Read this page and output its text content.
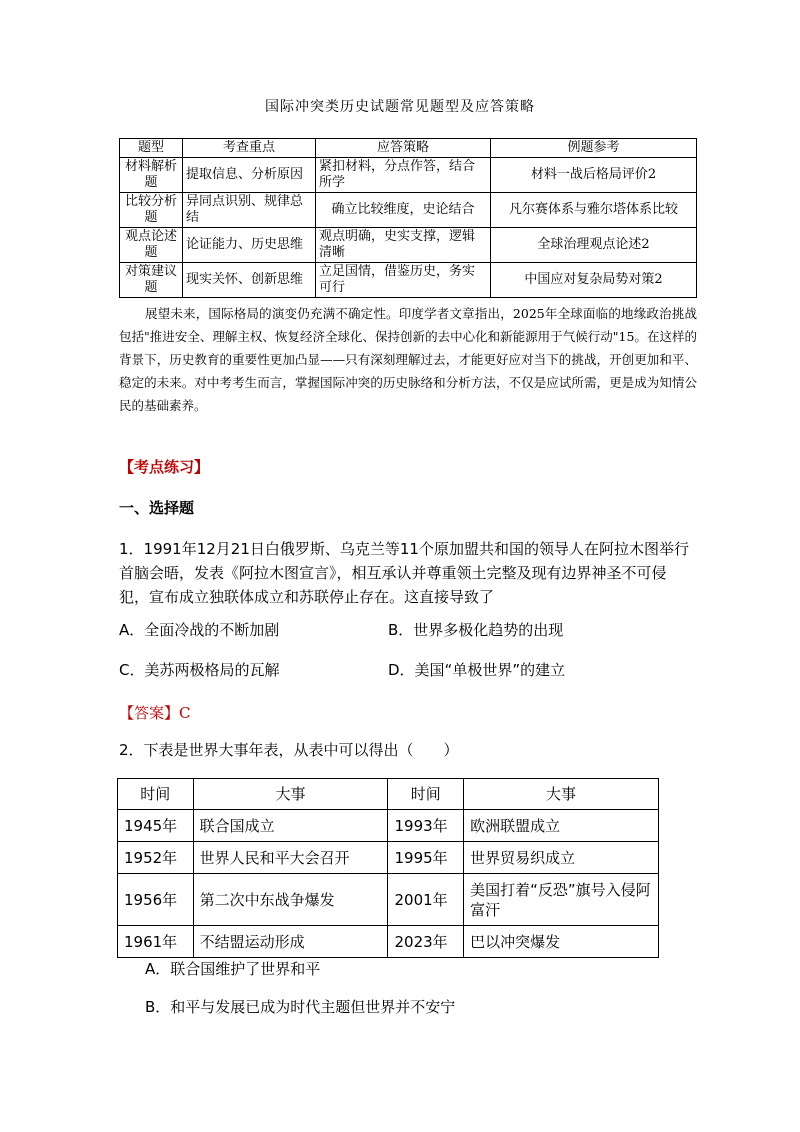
国际冲突类历史试题常见题型及应答策略
题型	考查重点	应答策略	例题参考
材料解析题	提取信息、分析原因	紧扣材料，分点作答，结合所学	材料一战后格局评价2
比较分析题	异同点识别、规律总结	确立比较维度，史论结合	凡尔赛体系与雅尔塔体系比较
观点论述题	论证能力、历史思维	观点明确，史实支撑，逻辑清晰	全球治理观点论述2
对策建议题	现实关怀、创新思维	立足国情，借鉴历史，务实可行	中国应对复杂局势对策2
展望未来，国际格局的演变仍充满不确定性。印度学者文章指出，2025年全球面临的地缘政治挑战包括"推进安全、理解主权、恢复经济全球化、保持创新的去中心化和新能源用于气候行动"15。在这样的背景下，历史教育的重要性更加凸显——只有深刻理解过去，才能更好应对当下的挑战，开创更加和平、稳定的未来。对中考考生而言，掌握国际冲突的历史脉络和分析方法，不仅是应试所需，更是成为知情公民的基础素养。
【考点练习】
一、选择题
1．1991年12月21日白俄罗斯、乌克兰等11个原加盟共和国的领导人在阿拉木图举行首脑会晤，发表《阿拉木图宣言》，相互承认并尊重领土完整及现有边界神圣不可侵犯，宣布成立独联体成立和苏联停止存在。这直接导致了
A．全面冷战的不断加剧	B．世界多极化趋势的出现
C．美苏两极格局的瓦解	D．美国“单极世界”的建立
【答案】C
2．下表是世界大事年表，从表中可以得出（　　）
时间	大事	时间	大事
1945年	联合国成立	1993年	欧洲联盟成立
1952年	世界人民和平大会召开	1995年	世界贸易织成立
1956年	第二次中东战争爆发	2001年	美国打着“反恐”旗号入侵阿富汗
1961年	不结盟运动形成	2023年	巴以冲突爆发
A．联合国维护了世界和平
B．和平与发展已成为时代主题但世界并不安宁
